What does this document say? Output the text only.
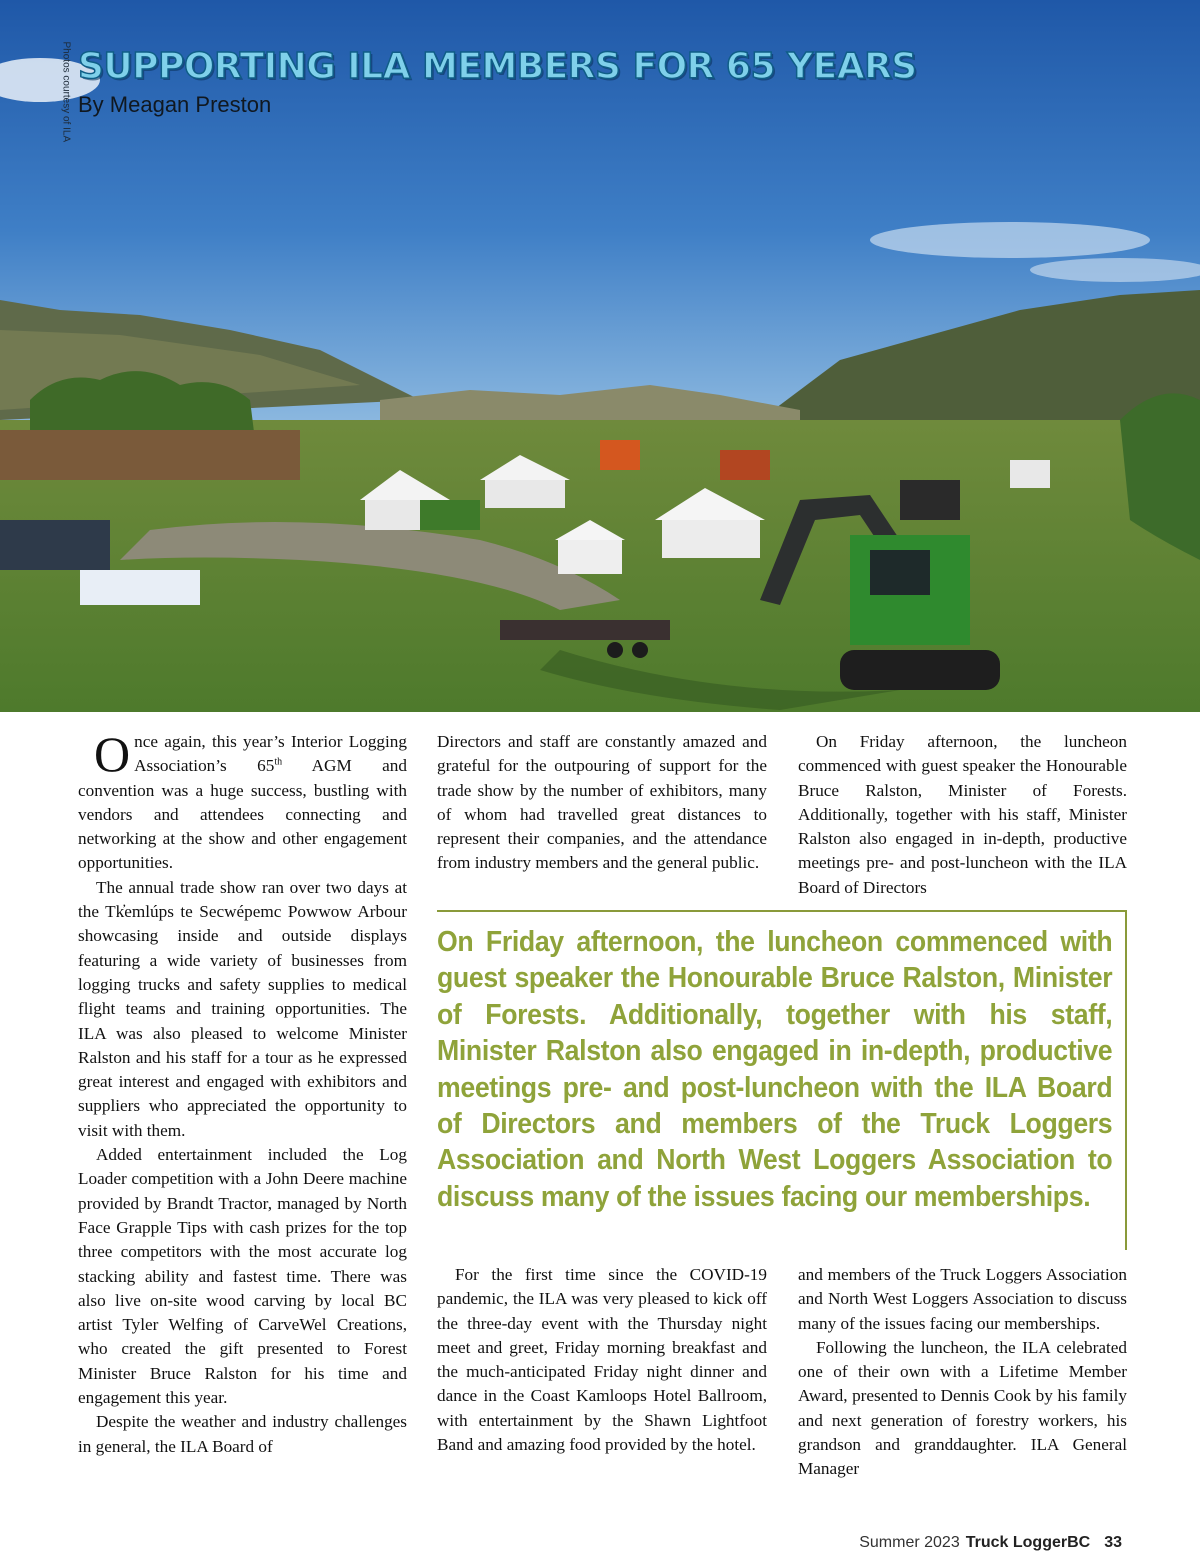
Photos courtesy of ILA SUPPORTING ILA MEMBERS FOR 65 YEARS
By Meagan Preston

Once again, this year’s Interior Logging Association’s 65th AGM and convention was a huge success, bustling with vendors and attendees connecting and networking at the show and other engagement opportunities.

The annual trade show ran over two days at the Tk̓emlúps te Secwépemc Powwow Arbour showcasing inside and outside displays featuring a wide variety of businesses from logging trucks and safety supplies to medical flight teams and training opportunities. The ILA was also pleased to welcome Minister Ralston and his staff for a tour as he expressed great interest and engaged with exhibitors and suppliers who appreciated the opportunity to visit with them.

Added entertainment included the Log Loader competition with a John Deere machine provided by Brandt Tractor, managed by North Face Grapple Tips with cash prizes for the top three competitors with the most accurate log stacking ability and fastest time. There was also live on-site wood carving by local BC artist Tyler Welfing of CarveWel Creations, who created the gift presented to Forest Minister Bruce Ralston for his time and engagement this year.

Despite the weather and industry challenges in general, the ILA Board of

Directors and staff are constantly amazed and grateful for the outpouring of support for the trade show by the number of exhibitors, many of whom had travelled great distances to represent their companies, and the attendance from industry members and the general public.

On Friday afternoon, the luncheon commenced with guest speaker the Honourable Bruce Ralston, Minister of Forests. Additionally, together with his staff, Minister Ralston also engaged in in-depth, productive meetings pre- and post-luncheon with the ILA Board of Directors

On Friday afternoon, the luncheon commenced with guest speaker the Honourable Bruce Ralston, Minister of Forests. Additionally, together with his staff, Minister Ralston also engaged in in-depth, productive meetings pre- and post-luncheon with the ILA Board of Directors and members of the Truck Loggers Association and North West Loggers Association to discuss many of the issues facing our memberships.

For the first time since the COVID-19 pandemic, the ILA was very pleased to kick off the three-day event with the Thursday night meet and greet, Friday morning breakfast and the much-anticipated Friday night dinner and dance in the Coast Kamloops Hotel Ballroom, with entertainment by the Shawn Lightfoot Band and amazing food provided by the hotel.

and members of the Truck Loggers Association and North West Loggers Association to discuss many of the issues facing our memberships.

Following the luncheon, the ILA celebrated one of their own with a Lifetime Member Award, presented to Dennis Cook by his family and next generation of forestry workers, his grandson and granddaughter. ILA General Manager

Summer 2023 Truck LoggerBC 33
